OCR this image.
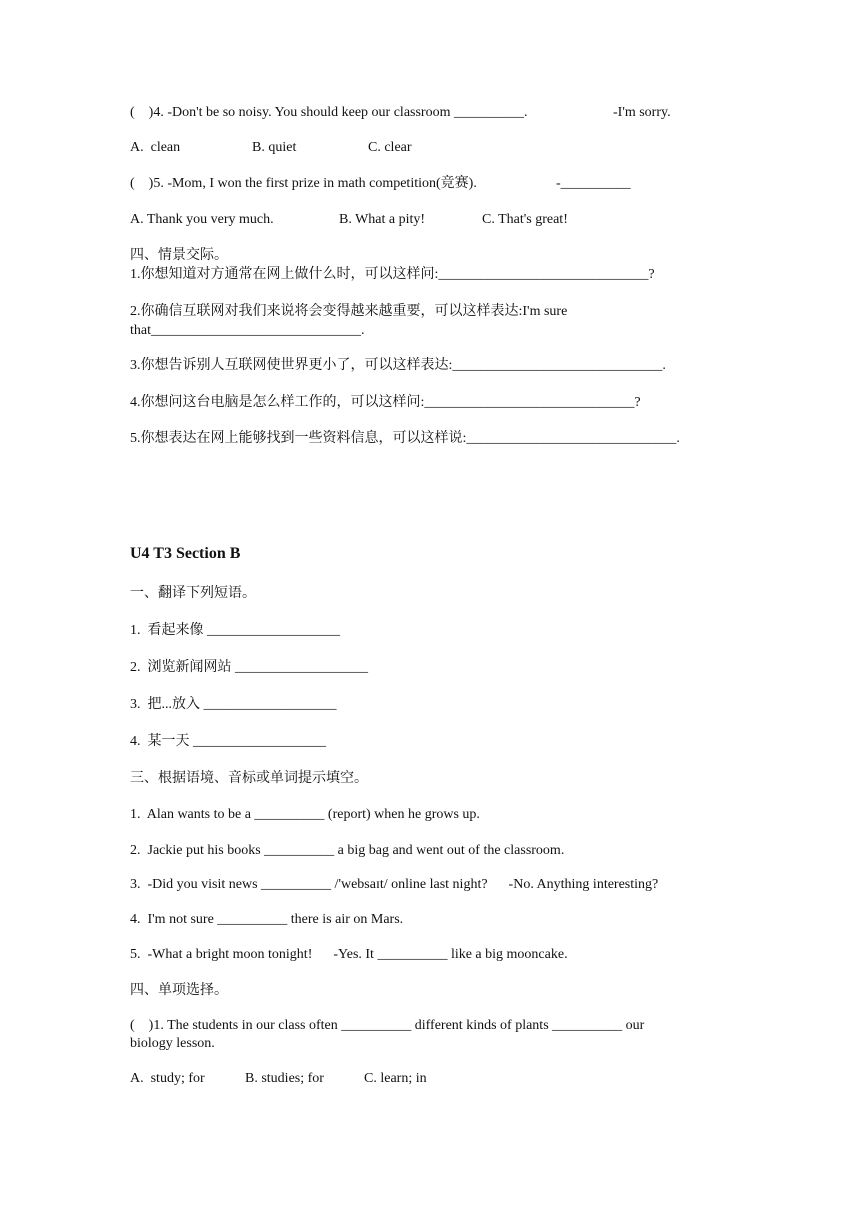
(    )4. -Don't be so noisy. You should keep our classroom __________.	-I'm sorry.
A.  clean	B. quiet	C. clear
(    )5. -Mom, I won the first prize in math competition(竞赛).	-__________
A. Thank you very much.	B. What a pity!	C. That's great!
四、情景交际。
1.你想知道对方通常在网上做什么时，可以这样问:______________________________?
2.你确信互联网对我们来说将会变得越来越重要，可以这样表达:I'm sure
that______________________________.
3.你想告诉别人互联网使世界更小了，可以这样表达:______________________________.
4.你想问这台电脑是怎么样工作的，可以这样问:______________________________?
5.你想表达在网上能够找到一些资料信息，可以这样说:______________________________.
U4 T3 Section B
一、翻译下列短语。
1.  看起来像 ___________________
2.  浏览新闻网站 ___________________
3.  把...放入 ___________________
4.  某一天 ___________________
三、根据语境、音标或单词提示填空。
1.  Alan wants to be a __________ (report) when he grows up.
2.  Jackie put his books __________ a big bag and went out of the classroom.
3.  -Did you visit news __________ /'websaɪt/ online last night?      -No. Anything interesting?
4.  I'm not sure __________ there is air on Mars.
5.  -What a bright moon tonight!      -Yes. It __________ like a big mooncake.
四、单项选择。
(    )1. The students in our class often __________ different kinds of plants __________ our
biology lesson.
A.  study; for	B. studies; for	C. learn; in
